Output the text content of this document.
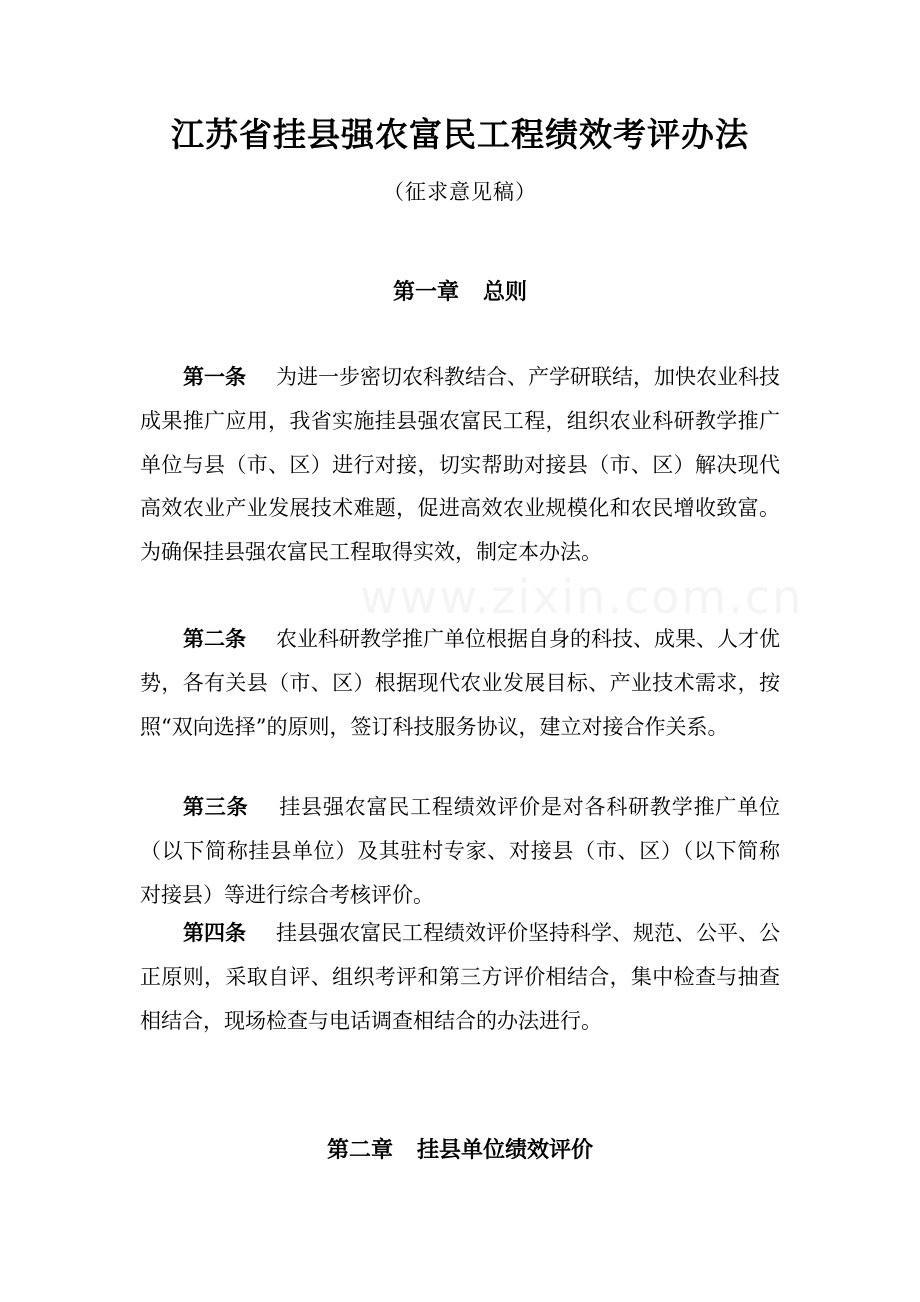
江苏省挂县强农富民工程绩效考评办法
（征求意见稿）
第一章 总则
第一条 为进一步密切农科教结合、产学研联结，加快农业科技成果推广应用，我省实施挂县强农富民工程，组织农业科研教学推广单位与县（市、区）进行对接，切实帮助对接县（市、区）解决现代高效农业产业发展技术难题，促进高效农业规模化和农民增收致富。为确保挂县强农富民工程取得实效，制定本办法。
第二条 农业科研教学推广单位根据自身的科技、成果、人才优势，各有关县（市、区）根据现代农业发展目标、产业技术需求，按照“双向选择”的原则，签订科技服务协议，建立对接合作关系。
第三条 挂县强农富民工程绩效评价是对各科研教学推广单位（以下简称挂县单位）及其驻村专家、对接县（市、区）（以下简称对接县）等进行综合考核评价。
第四条 挂县强农富民工程绩效评价坚持科学、规范、公平、公正原则，采取自评、组织考评和第三方评价相结合，集中检查与抽查相结合，现场检查与电话调查相结合的办法进行。
第二章 挂县单位绩效评价
www.zixin.com.cn
